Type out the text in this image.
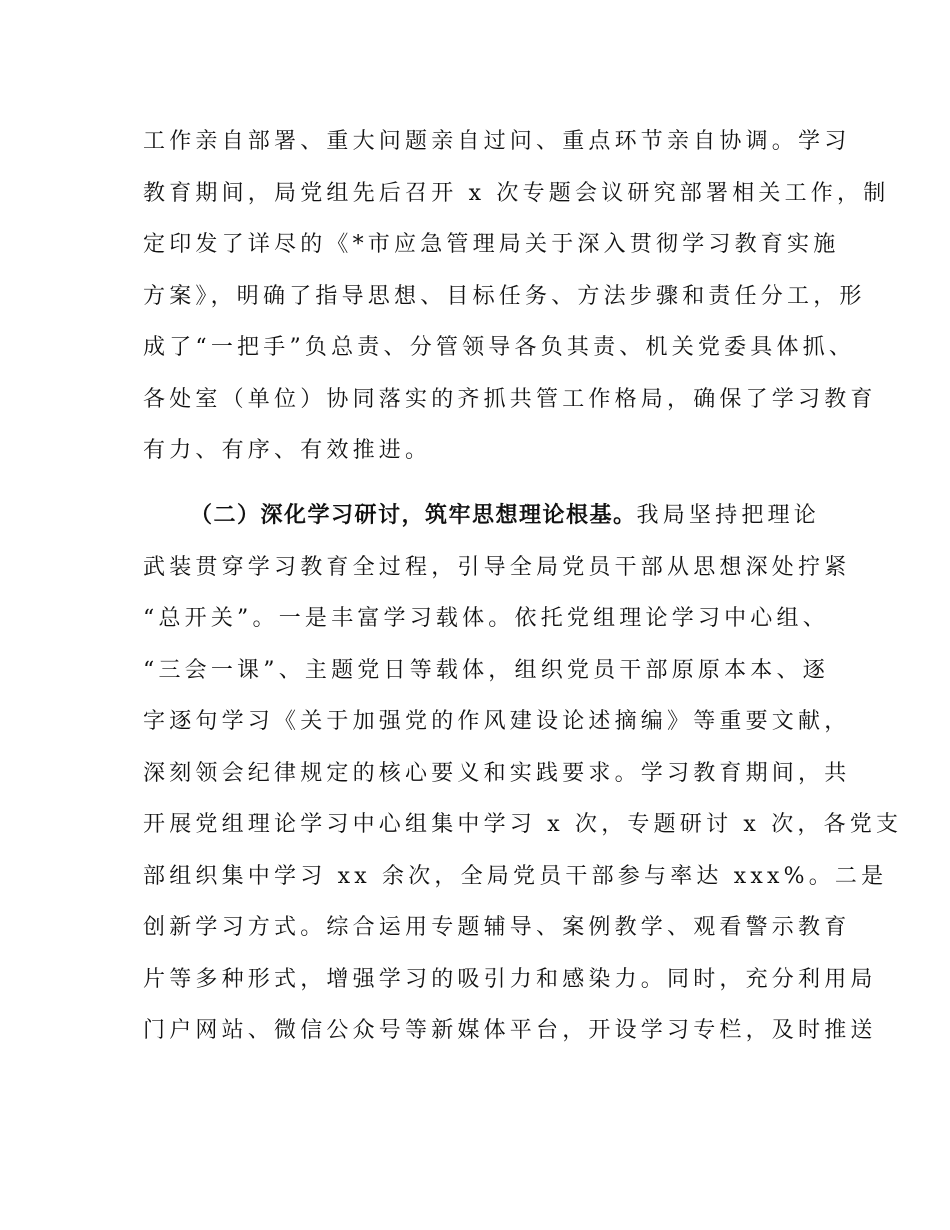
工作亲自部署、重大问题亲自过问、重点环节亲自协调。学习
教育期间，局党组先后召开 x 次专题会议研究部署相关工作，制
定印发了详尽的《*市应急管理局关于深入贯彻学习教育实施
方案》，明确了指导思想、目标任务、方法步骤和责任分工，形
成了“一把手”负总责、分管领导各负其责、机关党委具体抓、
各处室（单位）协同落实的齐抓共管工作格局，确保了学习教育
有力、有序、有效推进。
（二）深化学习研讨，筑牢思想理论根基。我局坚持把理论
武装贯穿学习教育全过程，引导全局党员干部从思想深处拧紧
“总开关”。一是丰富学习载体。依托党组理论学习中心组、
“三会一课”、主题党日等载体，组织党员干部原原本本、逐
字逐句学习《关于加强党的作风建设论述摘编》等重要文献，
深刻领会纪律规定的核心要义和实践要求。学习教育期间，共
开展党组理论学习中心组集中学习 x 次，专题研讨 x 次，各党支
部组织集中学习 xx 余次，全局党员干部参与率达 xxx%。二是
创新学习方式。综合运用专题辅导、案例教学、观看警示教育
片等多种形式，增强学习的吸引力和感染力。同时，充分利用局
门户网站、微信公众号等新媒体平台，开设学习专栏，及时推送
